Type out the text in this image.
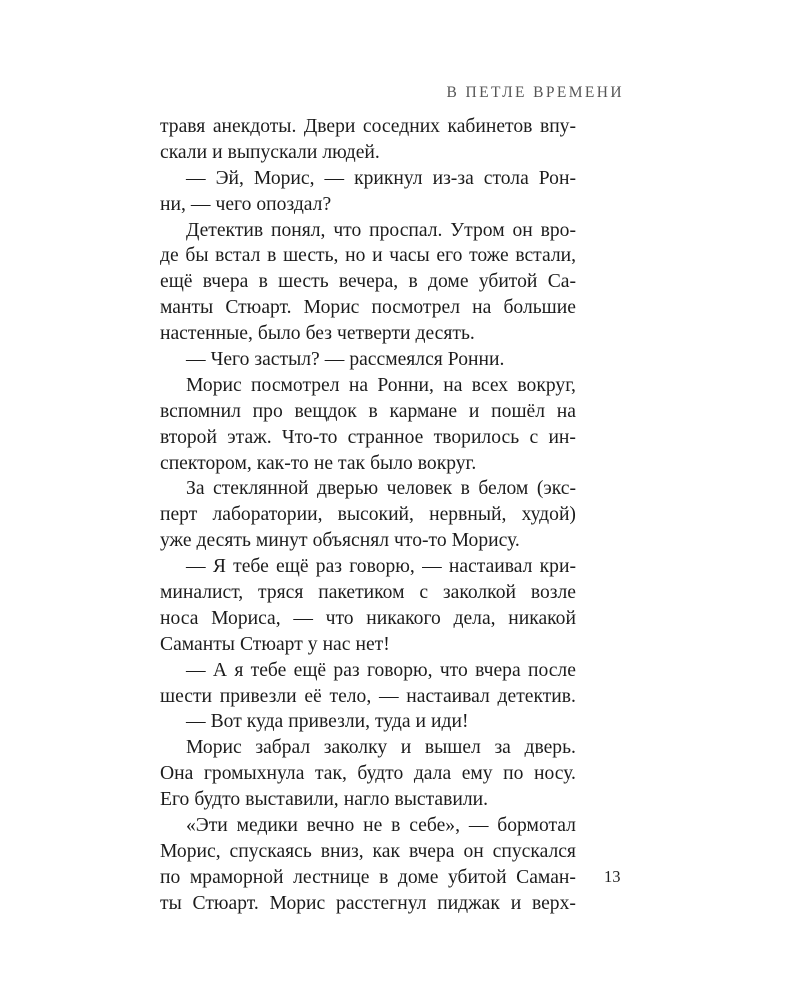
В ПЕТЛЕ ВРЕМЕНИ
травя анекдоты. Двери соседних кабинетов впу-
скали и выпускали людей.
— Эй, Морис, — крикнул из-за стола Рон-
ни, — чего опоздал?
Детектив понял, что проспал. Утром он вро-
де бы встал в шесть, но и часы его тоже встали,
ещё вчера в шесть вечера, в доме убитой Са-
манты Стюарт. Морис посмотрел на большие
настенные, было без четверти десять.
— Чего застыл? — рассмеялся Ронни.
Морис посмотрел на Ронни, на всех вокруг,
вспомнил про вещдок в кармане и пошёл на
второй этаж. Что-то странное творилось с ин-
спектором, как-то не так было вокруг.
За стеклянной дверью человек в белом (экс-
перт лаборатории, высокий, нервный, худой)
уже десять минут объяснял что-то Морису.
— Я тебе ещё раз говорю, — настаивал кри-
миналист, тряся пакетиком с заколкой возле
носа Мориса, — что никакого дела, никакой
Саманты Стюарт у нас нет!
— А я тебе ещё раз говорю, что вчера после
шести привезли её тело, — настаивал детектив.
— Вот куда привезли, туда и иди!
Морис забрал заколку и вышел за дверь.
Она громыхнула так, будто дала ему по носу.
Его будто выставили, нагло выставили.
«Эти медики вечно не в себе», — бормотал
Морис, спускаясь вниз, как вчера он спускался
по мраморной лестнице в доме убитой Саман-
ты Стюарт. Морис расстегнул пиджак и верх-
13
